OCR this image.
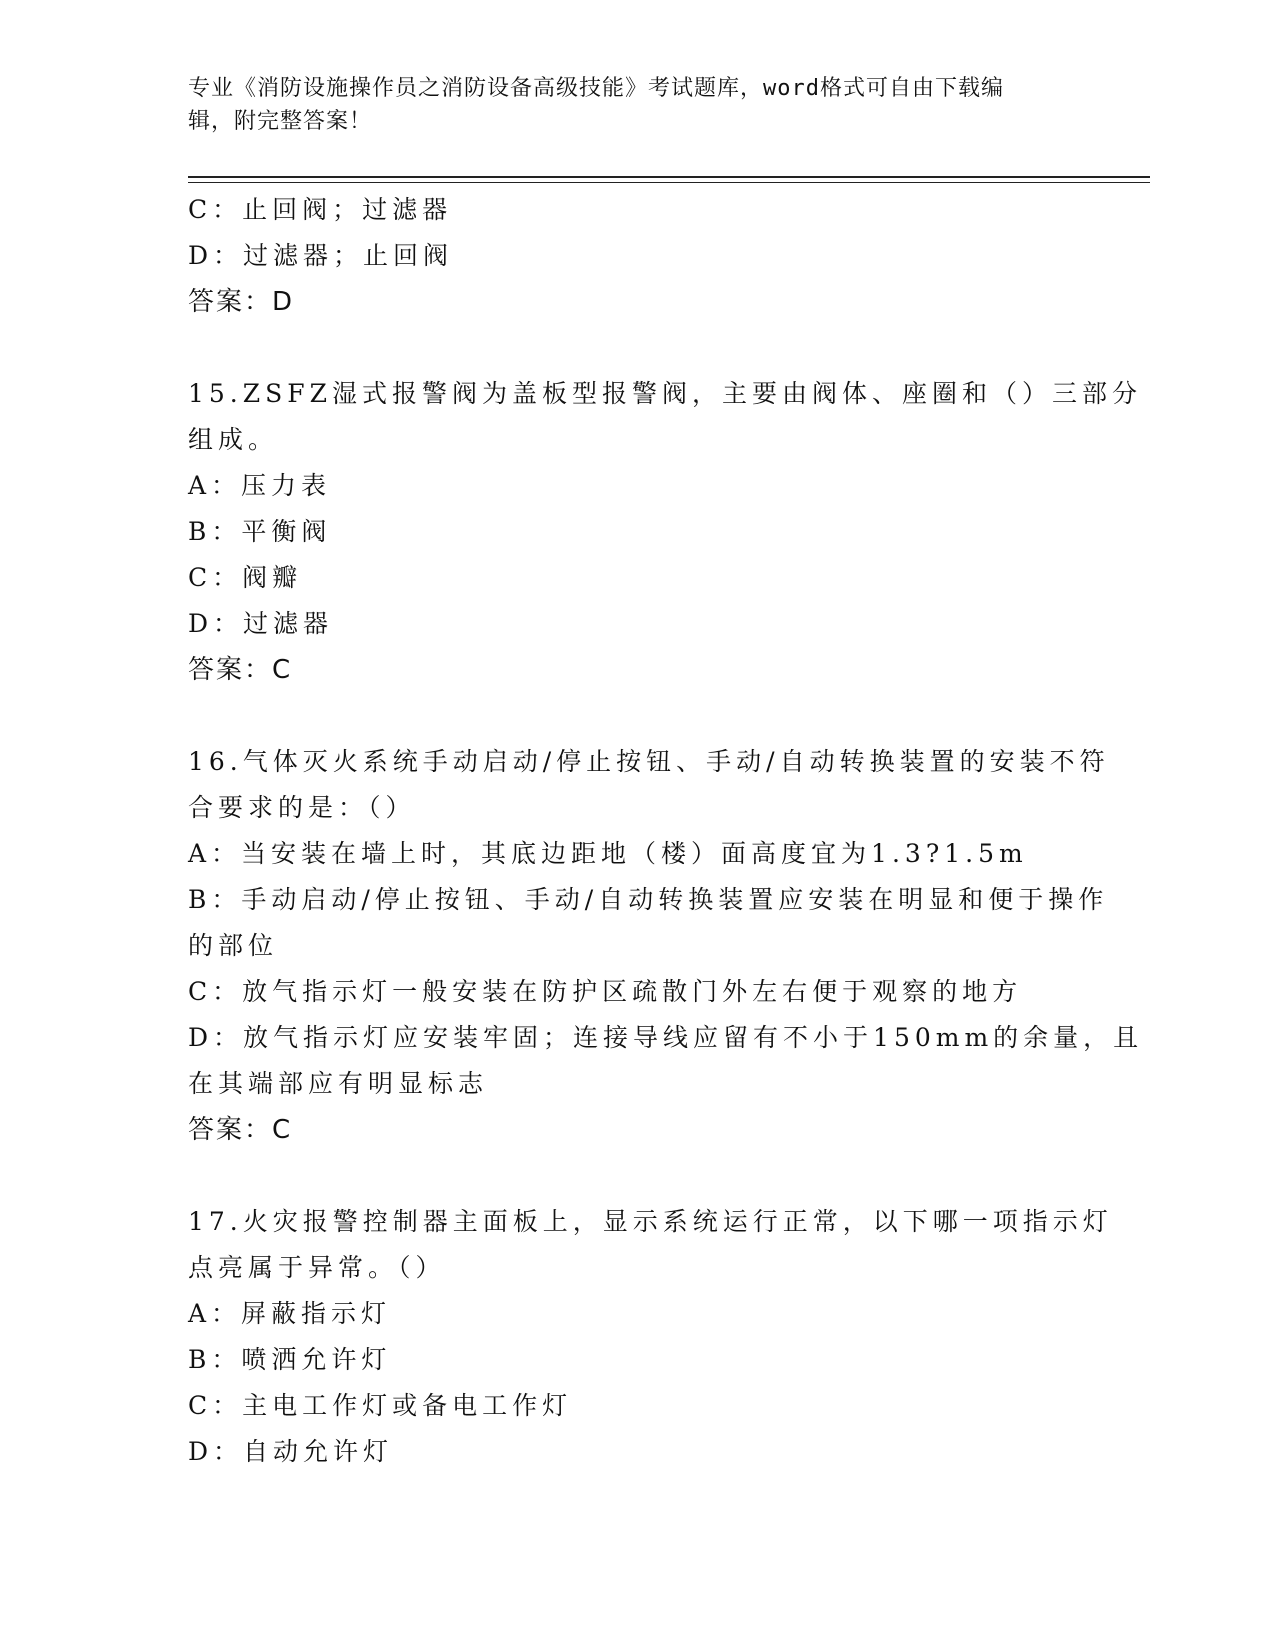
专业《消防设施操作员之消防设备高级技能》考试题库，word格式可自由下载编
辑，附完整答案！
C：止回阀；过滤器
D：过滤器；止回阀
答案：D
15.ZSFZ湿式报警阀为盖板型报警阀，主要由阀体、座圈和（）三部分
组成。
A：压力表
B：平衡阀
C：阀瓣
D：过滤器
答案：C
16.气体灭火系统手动启动/停止按钮、手动/自动转换装置的安装不符
合要求的是：（）
A：当安装在墙上时，其底边距地（楼）面高度宜为1.3?1.5m
B：手动启动/停止按钮、手动/自动转换装置应安装在明显和便于操作
的部位
C：放气指示灯一般安装在防护区疏散门外左右便于观察的地方
D：放气指示灯应安装牢固；连接导线应留有不小于150mm的余量，且
在其端部应有明显标志
答案：C
17.火灾报警控制器主面板上，显示系统运行正常，以下哪一项指示灯
点亮属于异常。（）
A：屏蔽指示灯
B：喷洒允许灯
C：主电工作灯或备电工作灯
D：自动允许灯
